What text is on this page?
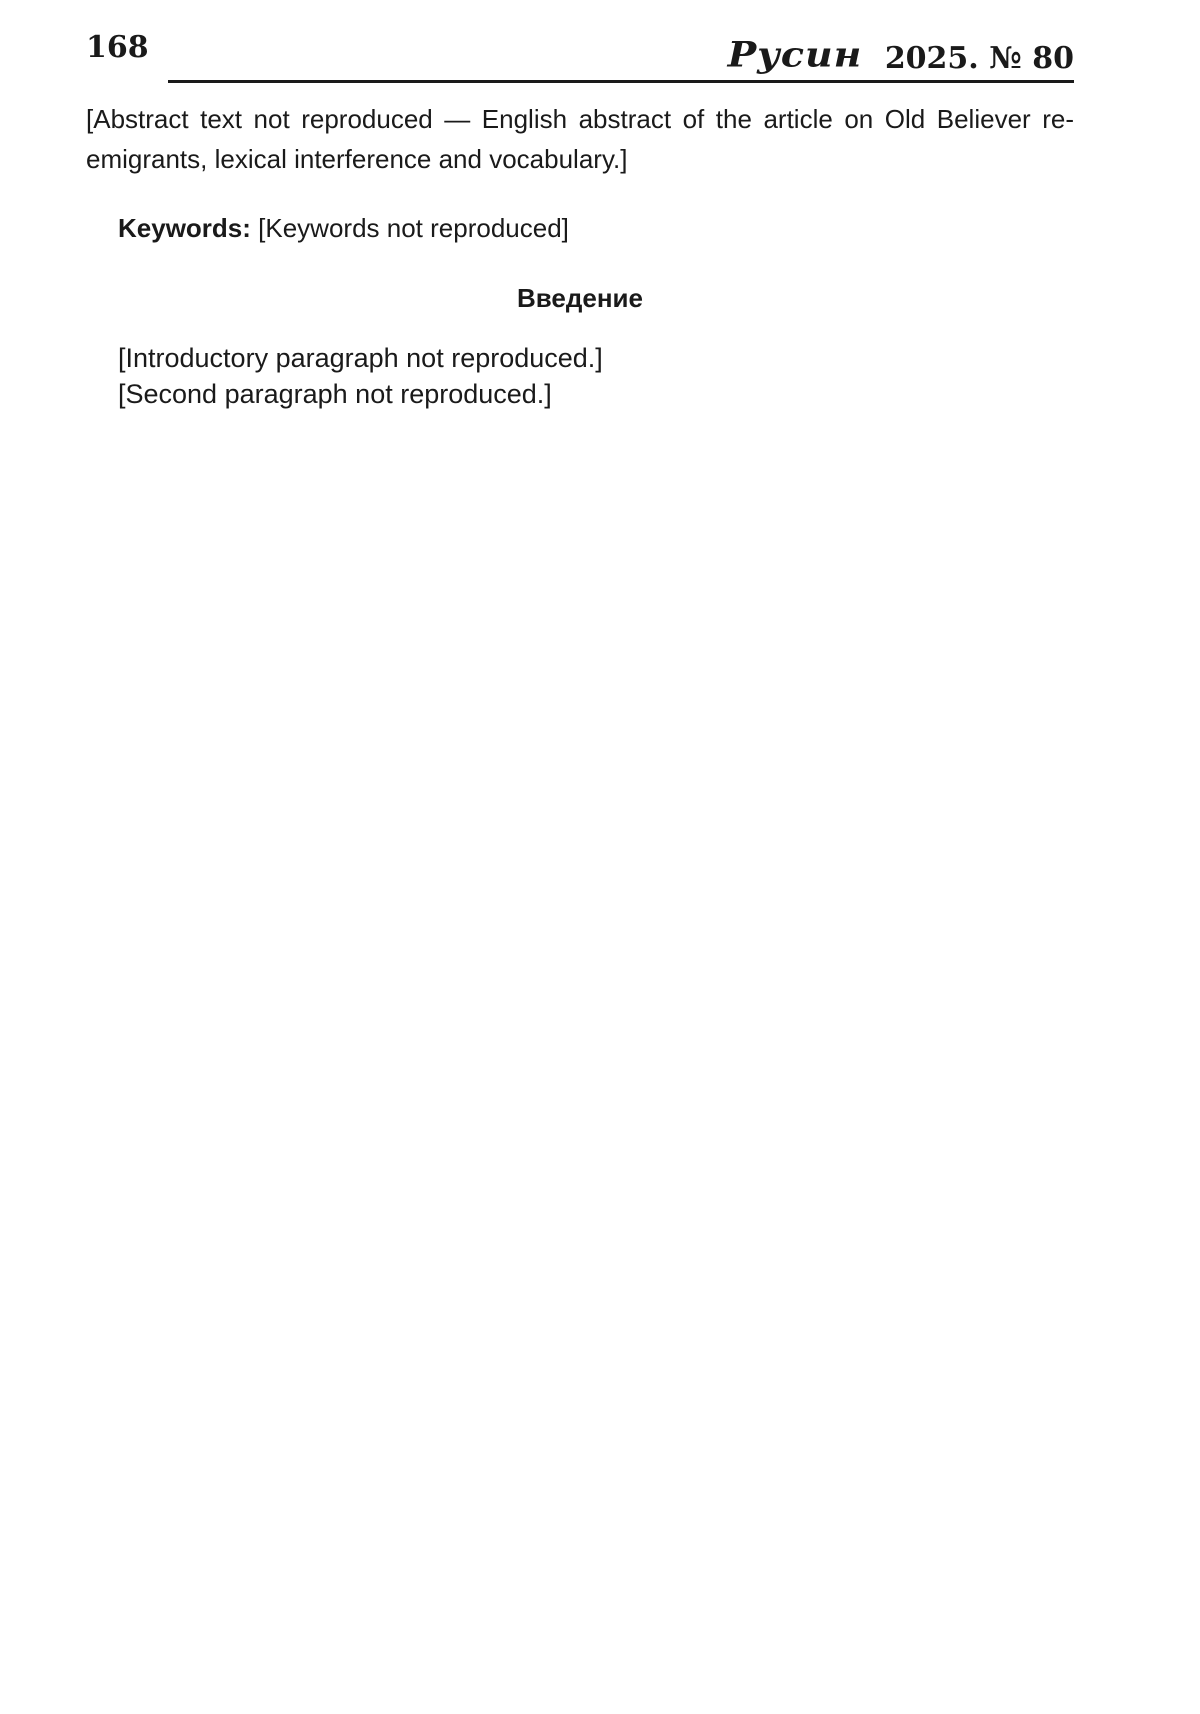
168	Русин 2025. № 80

[Abstract text not reproduced — English abstract of the article on Old Believer re-emigrants, lexical interference and vocabulary.]

Keywords: [Keywords not reproduced]

Введение

[Introductory paragraph not reproduced.]

[Second paragraph not reproduced.]
